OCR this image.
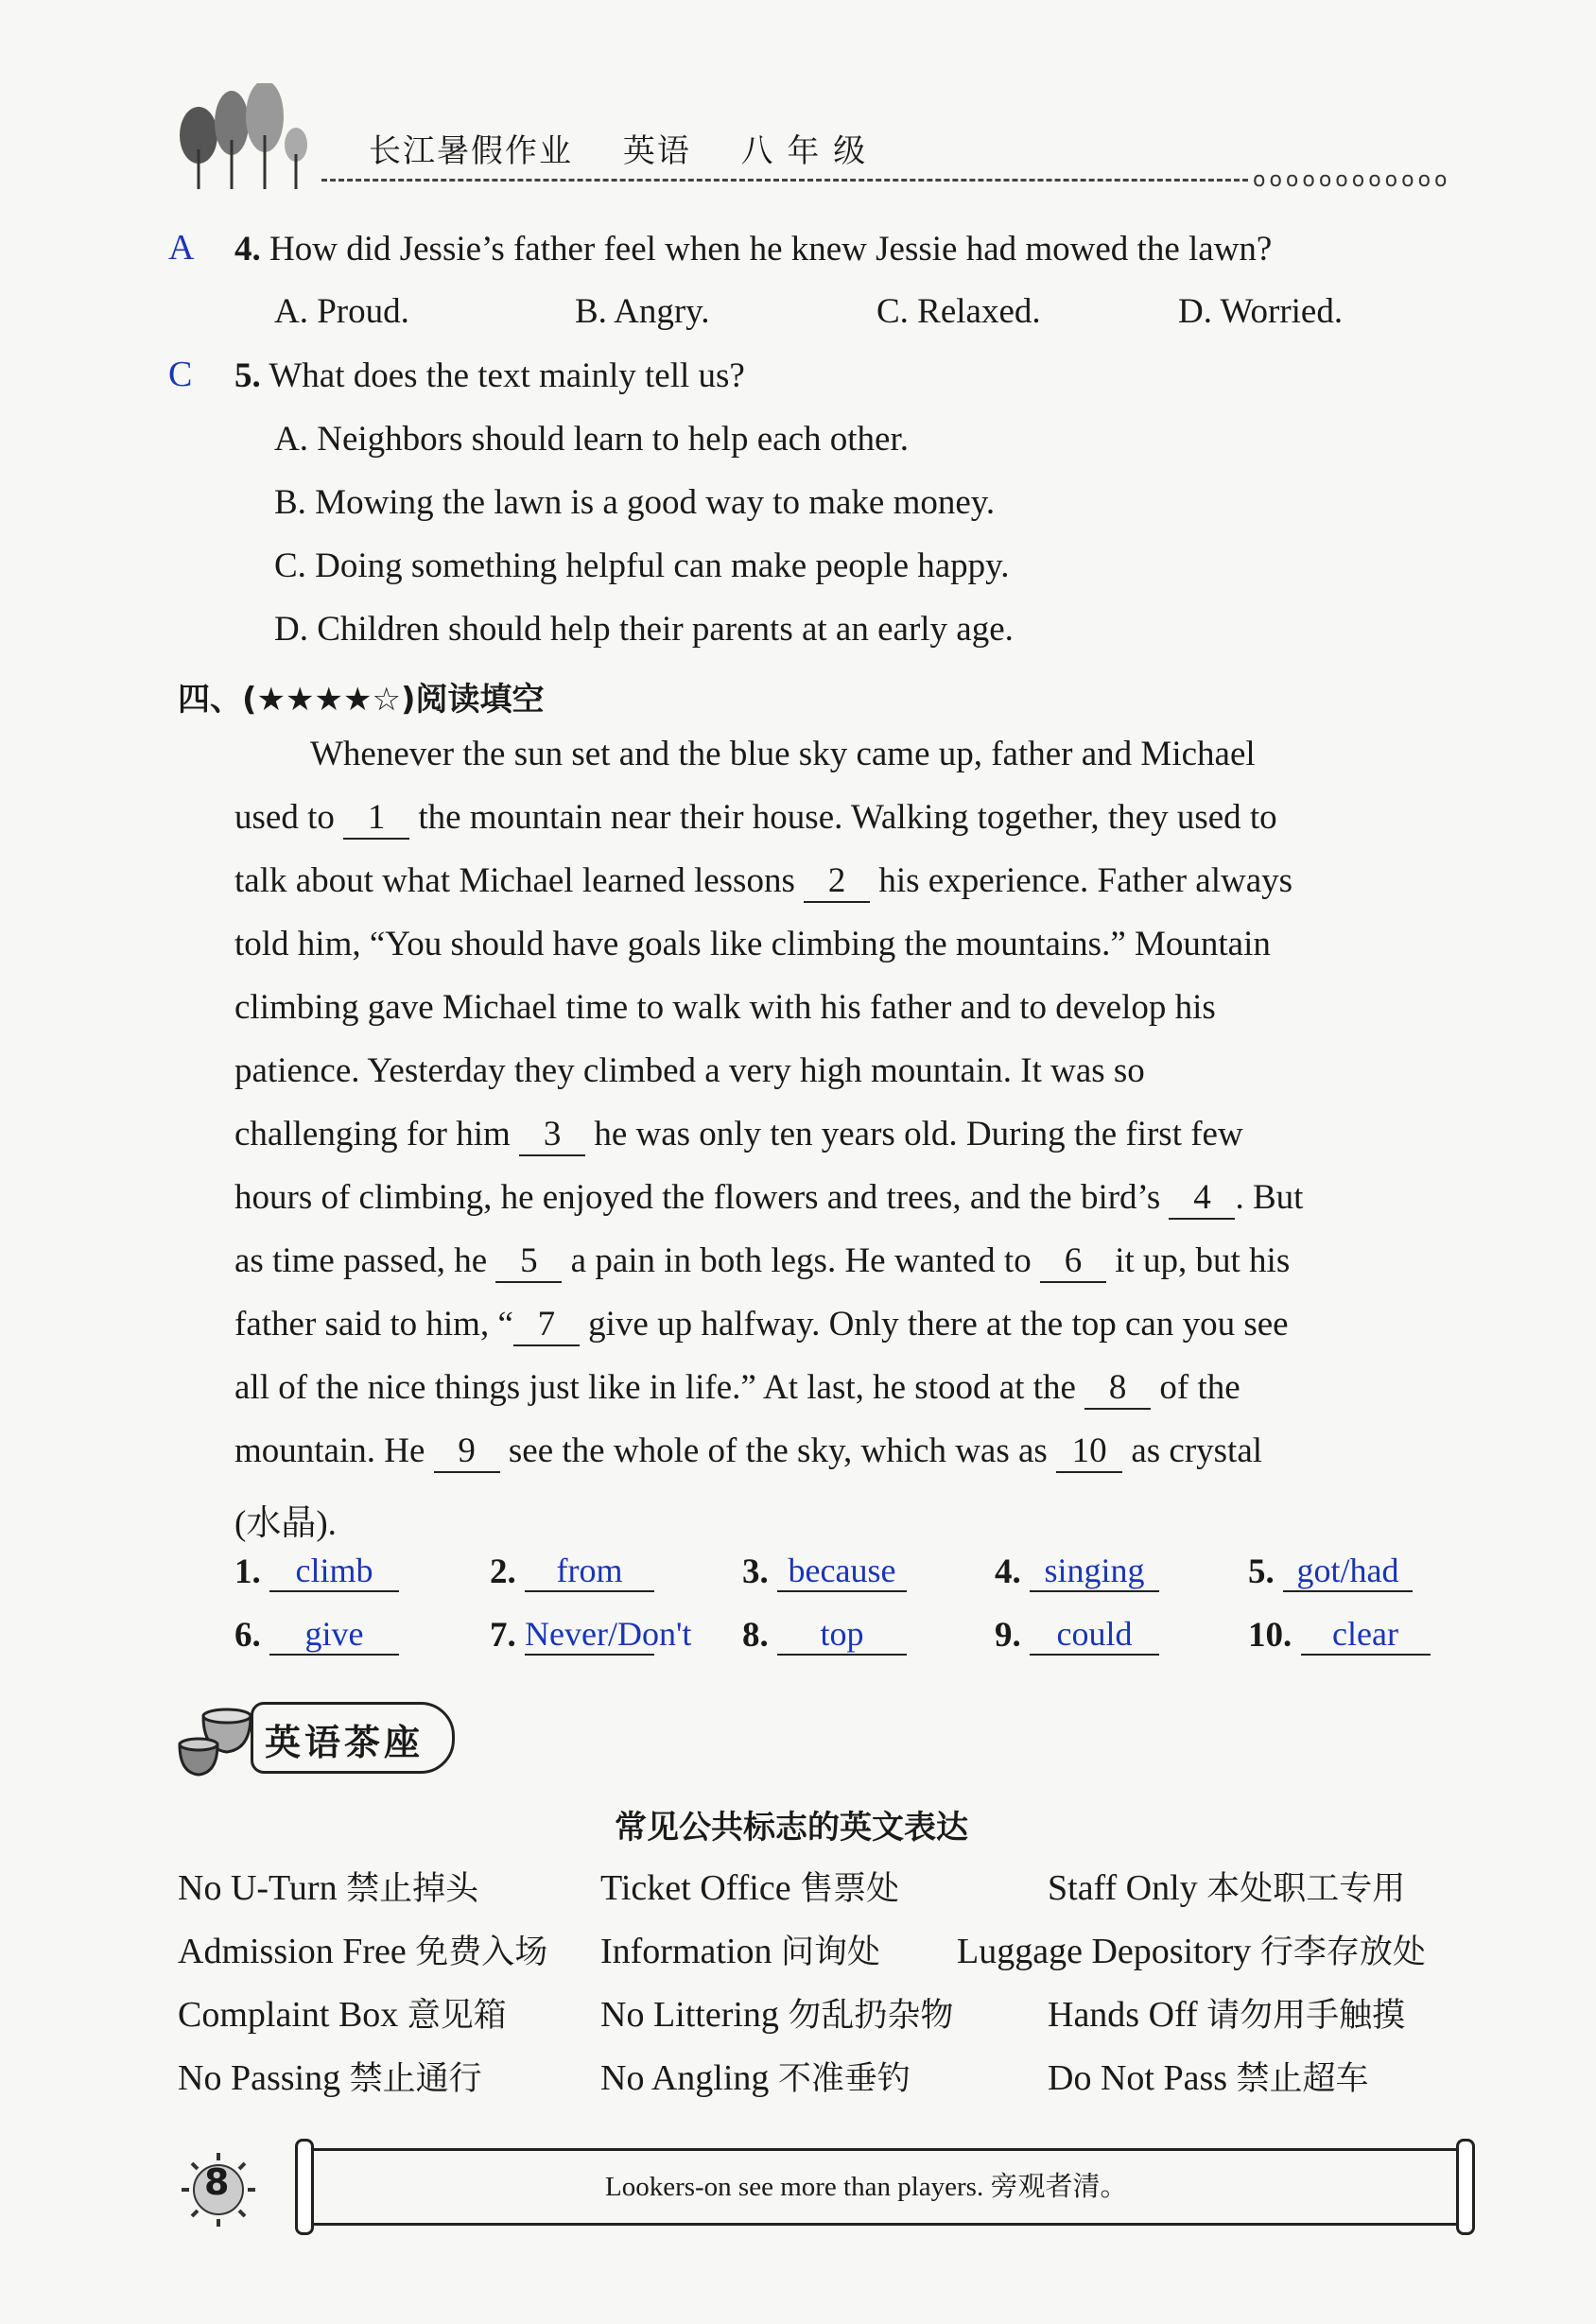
长江暑假作业 英语 八 年 级
oooooooooooo
A 4. How did Jessie’s father feel when he knew Jessie had mowed the lawn?
A. Proud.	B. Angry.	C. Relaxed.	D. Worried.
C 5. What does the text mainly tell us?
A. Neighbors should learn to help each other.
B. Mowing the lawn is a good way to make money.
C. Doing something helpful can make people happy.
D. Children should help their parents at an early age.
四、(★★★★☆)阅读填空
Whenever the sun set and the blue sky came up, father and Michael
used to 1 the mountain near their house. Walking together, they used to
talk about what Michael learned lessons 2 his experience. Father always
told him, “You should have goals like climbing the mountains.” Mountain
climbing gave Michael time to walk with his father and to develop his
patience. Yesterday they climbed a very high mountain. It was so
challenging for him 3 he was only ten years old. During the first few
hours of climbing, he enjoyed the flowers and trees, and the bird’s 4 . But
as time passed, he 5 a pain in both legs. He wanted to 6 it up, but his
father said to him, “ 7 give up halfway. Only there at the top can you see
all of the nice things just like in life.” At last, he stood at the 8 of the
mountain. He 9 see the whole of the sky, which was as 10 as crystal
(水晶).
1. climb	2. from	3. because	4. singing	5. got/had
6. give	7. Never/Don't 8. top	9. could	10. clear
英语茶座
常见公共标志的英文表达
No U-Turn 禁止掉头	Ticket Office 售票处	Staff Only 本处职工专用
Admission Free 免费入场 Information 问询处 Luggage Depository 行李存放处
Complaint Box 意见箱	No Littering 勿乱扔杂物	Hands Off 请勿用手触摸
No Passing 禁止通行	No Angling 不准垂钓	Do Not Pass 禁止超车
8	Lookers-on see more than players. 旁观者清。
